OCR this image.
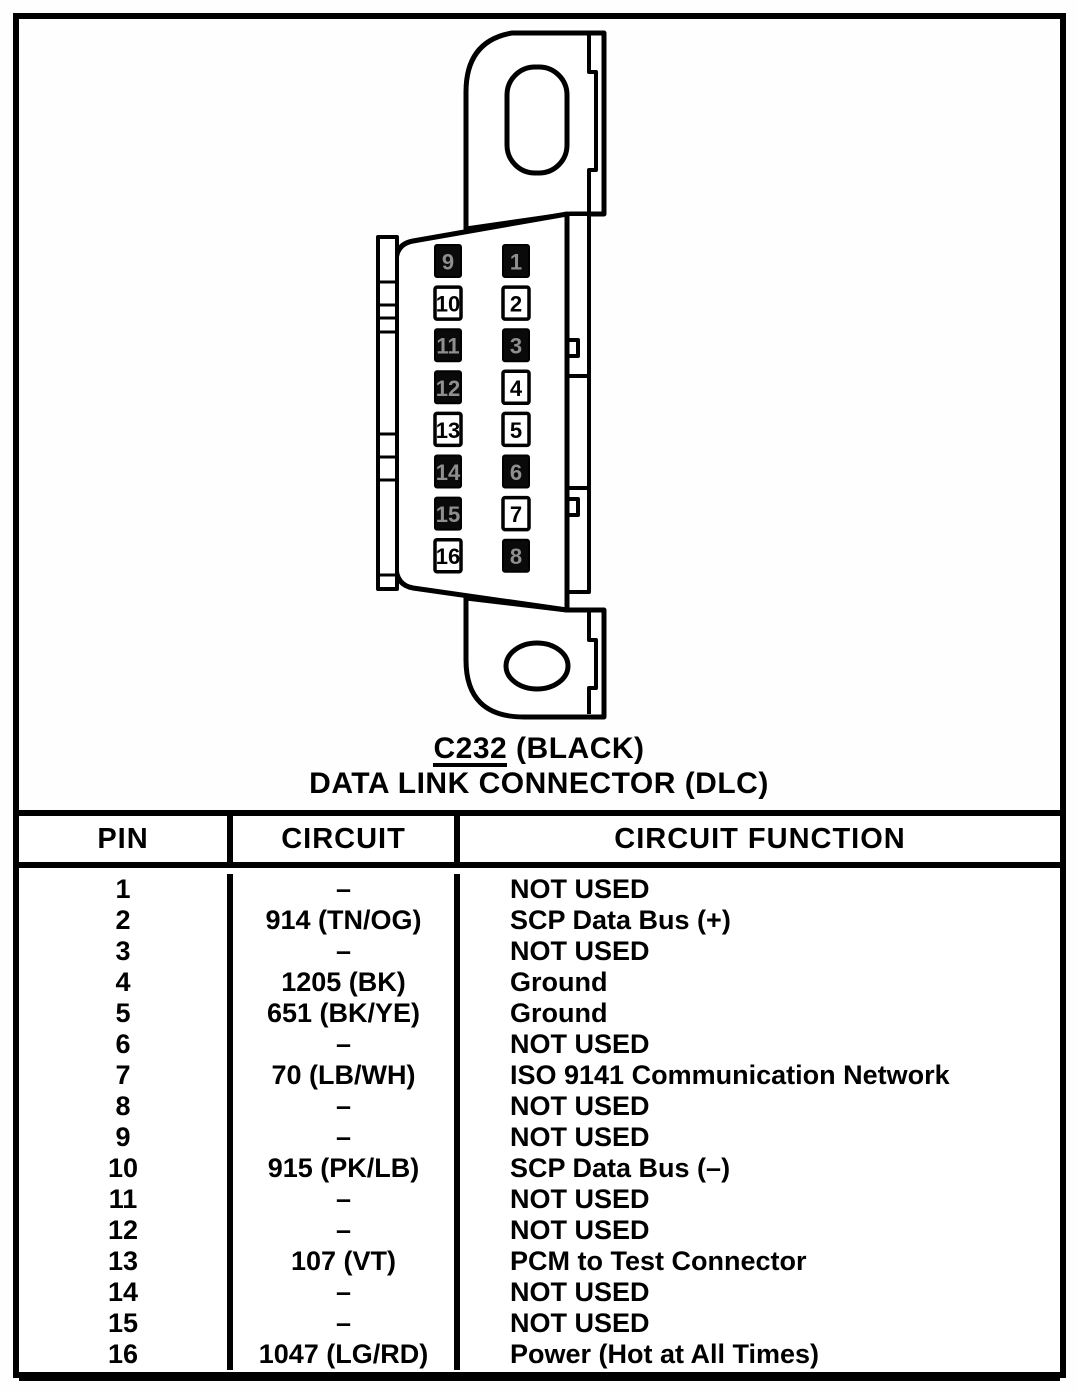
9
10
11
12
13
14
15
16
1
2
3
4
5
6
7
8
C232 (BLACK)
DATA LINK CONNECTOR (DLC)
PIN	CIRCUIT	CIRCUIT FUNCTION
1	–	NOT USED
2	914 (TN/OG)	SCP Data Bus (+)
3	–	NOT USED
4	1205 (BK)	Ground
5	651 (BK/YE)	Ground
6	–	NOT USED
7	70 (LB/WH)	ISO 9141 Communication Network
8	–	NOT USED
9	–	NOT USED
10	915 (PK/LB)	SCP Data Bus (–)
11	–	NOT USED
12	–	NOT USED
13	107 (VT)	PCM to Test Connector
14	–	NOT USED
15	–	NOT USED
16	1047 (LG/RD)	Power (Hot at All Times)
